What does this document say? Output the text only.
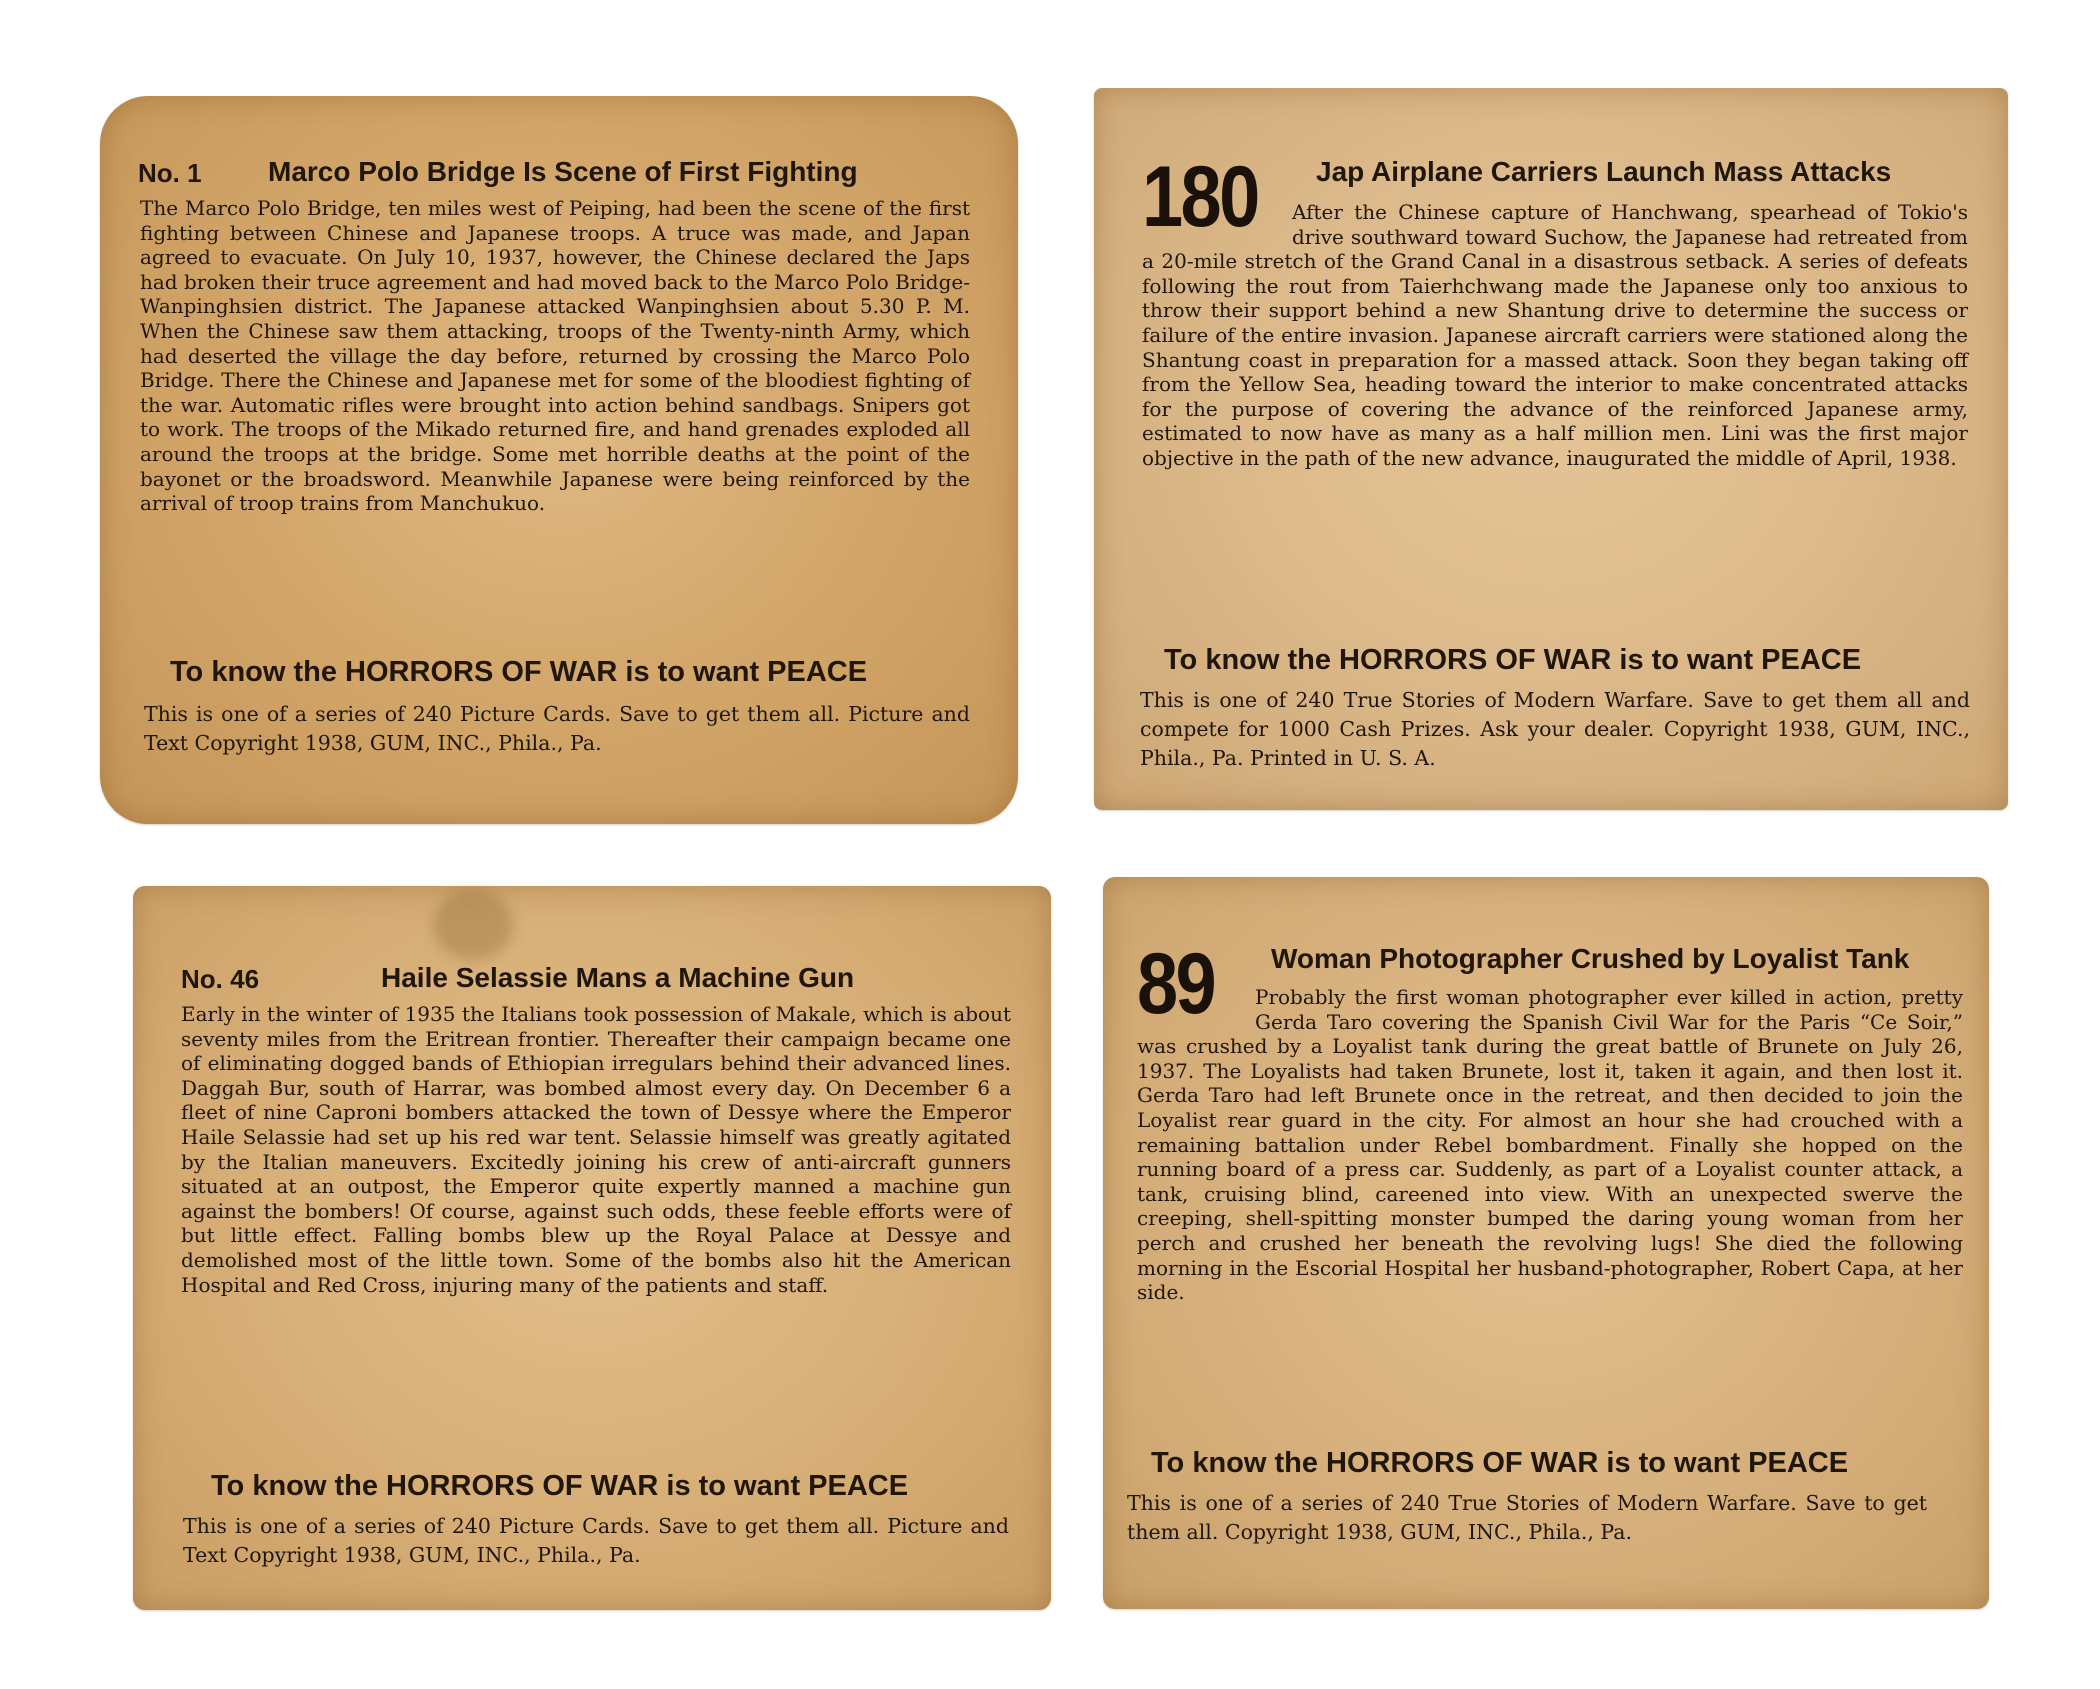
No. 1 Marco Polo Bridge Is Scene of First Fighting

The Marco Polo Bridge, ten miles west of Peiping, had been the scene of the first fighting between Chinese and Japanese troops. A truce was made, and Japan agreed to evacuate. On July 10, 1937, however, the Chinese declared the Japs had broken their truce agreement and had moved back to the Marco Polo Bridge-Wanpinghsien district. The Japanese attacked Wanpinghsien about 5.30 P. M. When the Chinese saw them attacking, troops of the Twenty-ninth Army, which had deserted the village the day before, returned by crossing the Marco Polo Bridge. There the Chinese and Japanese met for some of the bloodiest fighting of the war. Automatic rifles were brought into action behind sandbags. Snipers got to work. The troops of the Mikado returned fire, and hand grenades exploded all around the troops at the bridge. Some met horrible deaths at the point of the bayonet or the broadsword. Meanwhile Japanese were being reinforced by the arrival of troop trains from Manchukuo.

To know the HORRORS OF WAR is to want PEACE

This is one of a series of 240 Picture Cards. Save to get them all. Picture and Text Copyright 1938, GUM, INC., Phila., Pa.

180 Jap Airplane Carriers Launch Mass Attacks

After the Chinese capture of Hanchwang, spearhead of Tokio's drive southward toward Suchow, the Japanese had retreated from a 20-mile stretch of the Grand Canal in a disastrous setback. A series of defeats following the rout from Taierhchwang made the Japanese only too anxious to throw their support behind a new Shantung drive to determine the success or failure of the entire invasion. Japanese aircraft carriers were stationed along the Shantung coast in preparation for a massed attack. Soon they began taking off from the Yellow Sea, heading toward the interior to make concentrated attacks for the purpose of covering the advance of the reinforced Japanese army, estimated to now have as many as a half million men. Lini was the first major objective in the path of the new advance, inaugurated the middle of April, 1938.

To know the HORRORS OF WAR is to want PEACE

This is one of 240 True Stories of Modern Warfare. Save to get them all and compete for 1000 Cash Prizes. Ask your dealer. Copyright 1938, GUM, INC., Phila., Pa. Printed in U. S. A.

No. 46	Haile Selassie Mans a Machine Gun

Early in the winter of 1935 the Italians took possession of Makale, which is about seventy miles from the Eritrean frontier. Thereafter their campaign became one of eliminating dogged bands of Ethiopian irregulars behind their advanced lines. Daggah Bur, south of Harrar, was bombed almost every day. On December 6 a fleet of nine Caproni bombers attacked the town of Dessye where the Emperor Haile Selassie had set up his red war tent. Selassie himself was greatly agitated by the Italian maneuvers. Excitedly joining his crew of anti-aircraft gunners situated at an outpost, the Emperor quite expertly manned a machine gun against the bombers! Of course, against such odds, these feeble efforts were of but little effect. Falling bombs blew up the Royal Palace at Dessye and demolished most of the little town. Some of the bombs also hit the American Hospital and Red Cross, injuring many of the patients and staff.

To know the HORRORS OF WAR is to want PEACE

This is one of a series of 240 Picture Cards. Save to get them all. Picture and Text Copyright 1938, GUM, INC., Phila., Pa.

89 Woman Photographer Crushed by Loyalist Tank

Probably the first woman photographer ever killed in action, pretty Gerda Taro covering the Spanish Civil War for the Paris “Ce Soir,” was crushed by a Loyalist tank during the great battle of Brunete on July 26, 1937. The Loyalists had taken Brunete, lost it, taken it again, and then lost it. Gerda Taro had left Brunete once in the retreat, and then decided to join the Loyalist rear guard in the city. For almost an hour she had crouched with a remaining battalion under Rebel bombardment. Finally she hopped on the running board of a press car. Suddenly, as part of a Loyalist counter attack, a tank, cruising blind, careened into view. With an unexpected swerve the creeping, shell-spitting monster bumped the daring young woman from her perch and crushed her beneath the revolving lugs! She died the following morning in the Escorial Hospital her husband-photographer, Robert Capa, at her side.

To know the HORRORS OF WAR is to want PEACE

This is one of a series of 240 True Stories of Modern Warfare. Save to get them all. Copyright 1938, GUM, INC., Phila., Pa.
